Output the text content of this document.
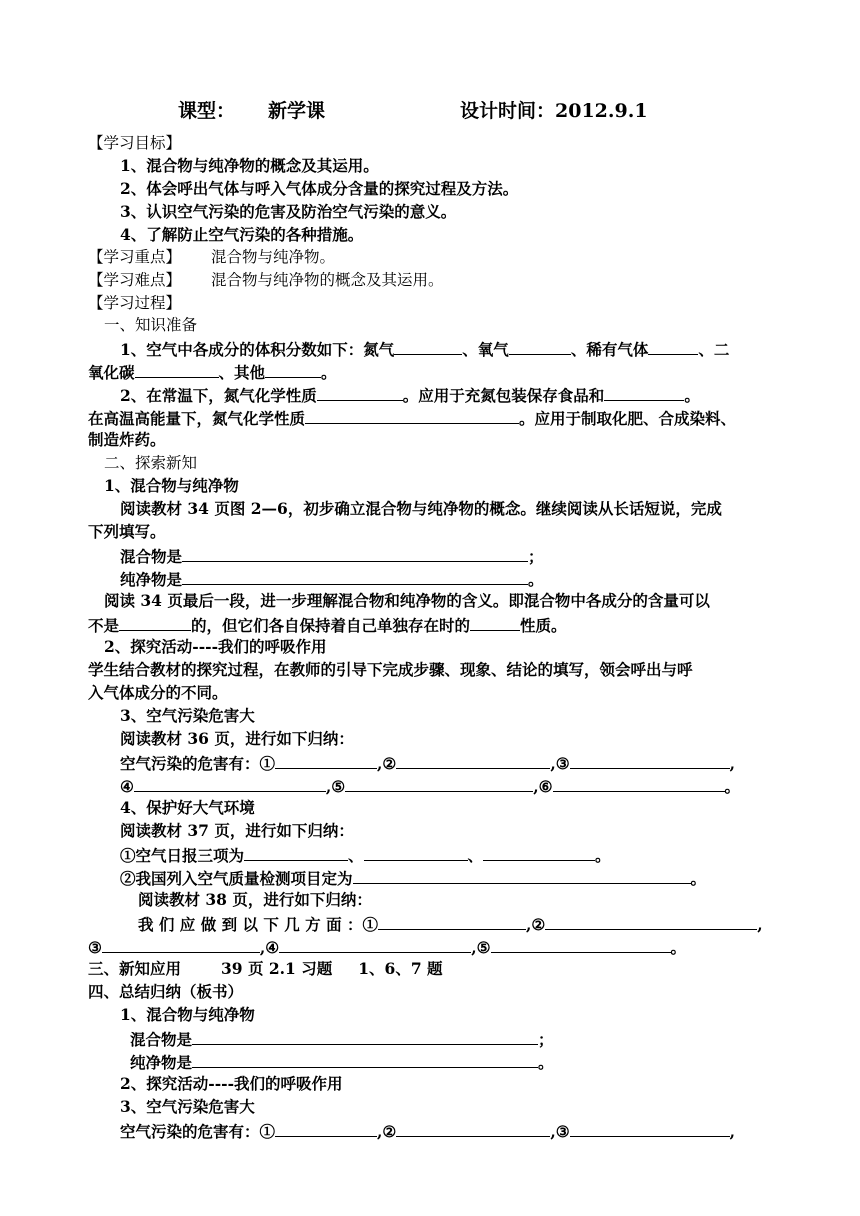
课型： 新学课	设计时间：2012.9.1
【学习目标】
1、混合物与纯净物的概念及其运用。
2、体会呼出气体与呼入气体成分含量的探究过程及方法。
3、认识空气污染的危害及防治空气污染的意义。
4、了解防止空气污染的各种措施。
【学习重点】 混合物与纯净物。
【学习难点】 混合物与纯净物的概念及其运用。
【学习过程】
一、知识准备
1、空气中各成分的体积分数如下：氮气	、氧气	、稀有气体	、二
氧化碳	、其他	。
2、在常温下，氮气化学性质	。应用于充氮包装保存食品和	。
在高温高能量下，氮气化学性质	。应用于制取化肥、合成染料、
制造炸药。
二、探索新知
1、混合物与纯净物
阅读教材 34 页图 2—6，初步确立混合物与纯净物的概念。继续阅读从长话短说，完成
下列填写。
混合物是	；
纯净物是	。
阅读 34 页最后一段，进一步理解混合物和纯净物的含义。即混合物中各成分的含量可以
不是	的，但它们各自保持着自己单独存在时的	性质。
2、探究活动----我们的呼吸作用
学生结合教材的探究过程，在教师的引导下完成步骤、现象、结论的填写，领会呼出与呼
入气体成分的不同。
3、空气污染危害大
阅读教材 36 页，进行如下归纳：
空气污染的危害有：①	,②	,③	,
④	,⑤	,⑥	。
4、保护好大气环境
阅读教材 37 页，进行如下归纳：
①空气日报三项为	、	、	。
②我国列入空气质量检测项目定为	。
阅读教材 38 页，进行如下归纳：
我 们 应 做 到 以 下 几 方 面 ：①	,②	,
③	,④	,⑤	。
三、新知应用	39 页 2.1 习题 1、6、7 题
四、总结归纳（板书）
1、混合物与纯净物
混合物是	；
纯净物是	。
2、探究活动----我们的呼吸作用
3、空气污染危害大
空气污染的危害有：①	,②	,③	,
